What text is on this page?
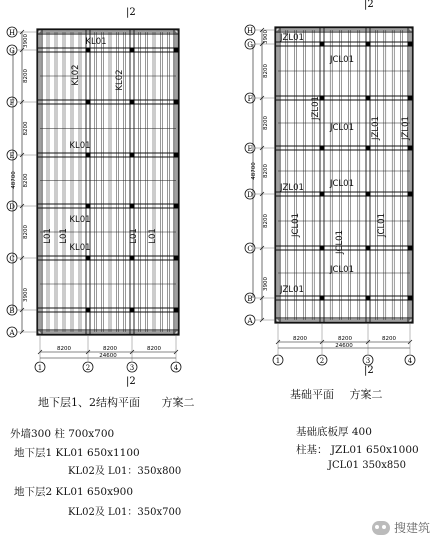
H
G
F
E
D
C
B
A
3900
8200
8200
8200
8200
3900
48700
8200	8200	8200
24600
1	2	3	4
|2
|2
KL01
KL02	KL02
KL01
L01 L01	L01 L01
KL01
KL01
H
G
F
E
D
C
B
A
3900
8200
8200
8200
8200
3900
48700
8200	8200	8200
24600
1	2	3	4
|2
|2
JZL01
JCL01
JZL01
JZL01 JZL01
JCL01
JZL01	JCL01
JCL01
JCL01
JCL01
JCL01
JZL01
地下层1、2结构平面 方案二
基础平面 方案二
外墙300 柱 700x700
地下层1 KL01 650x1100
KL02及 L01：350x800
地下层2 KL01 650x900
KL02及 L01：350x700
基础底板厚 400
柱基： JZL01 650x1000
JCL01 350x850
搜建筑
